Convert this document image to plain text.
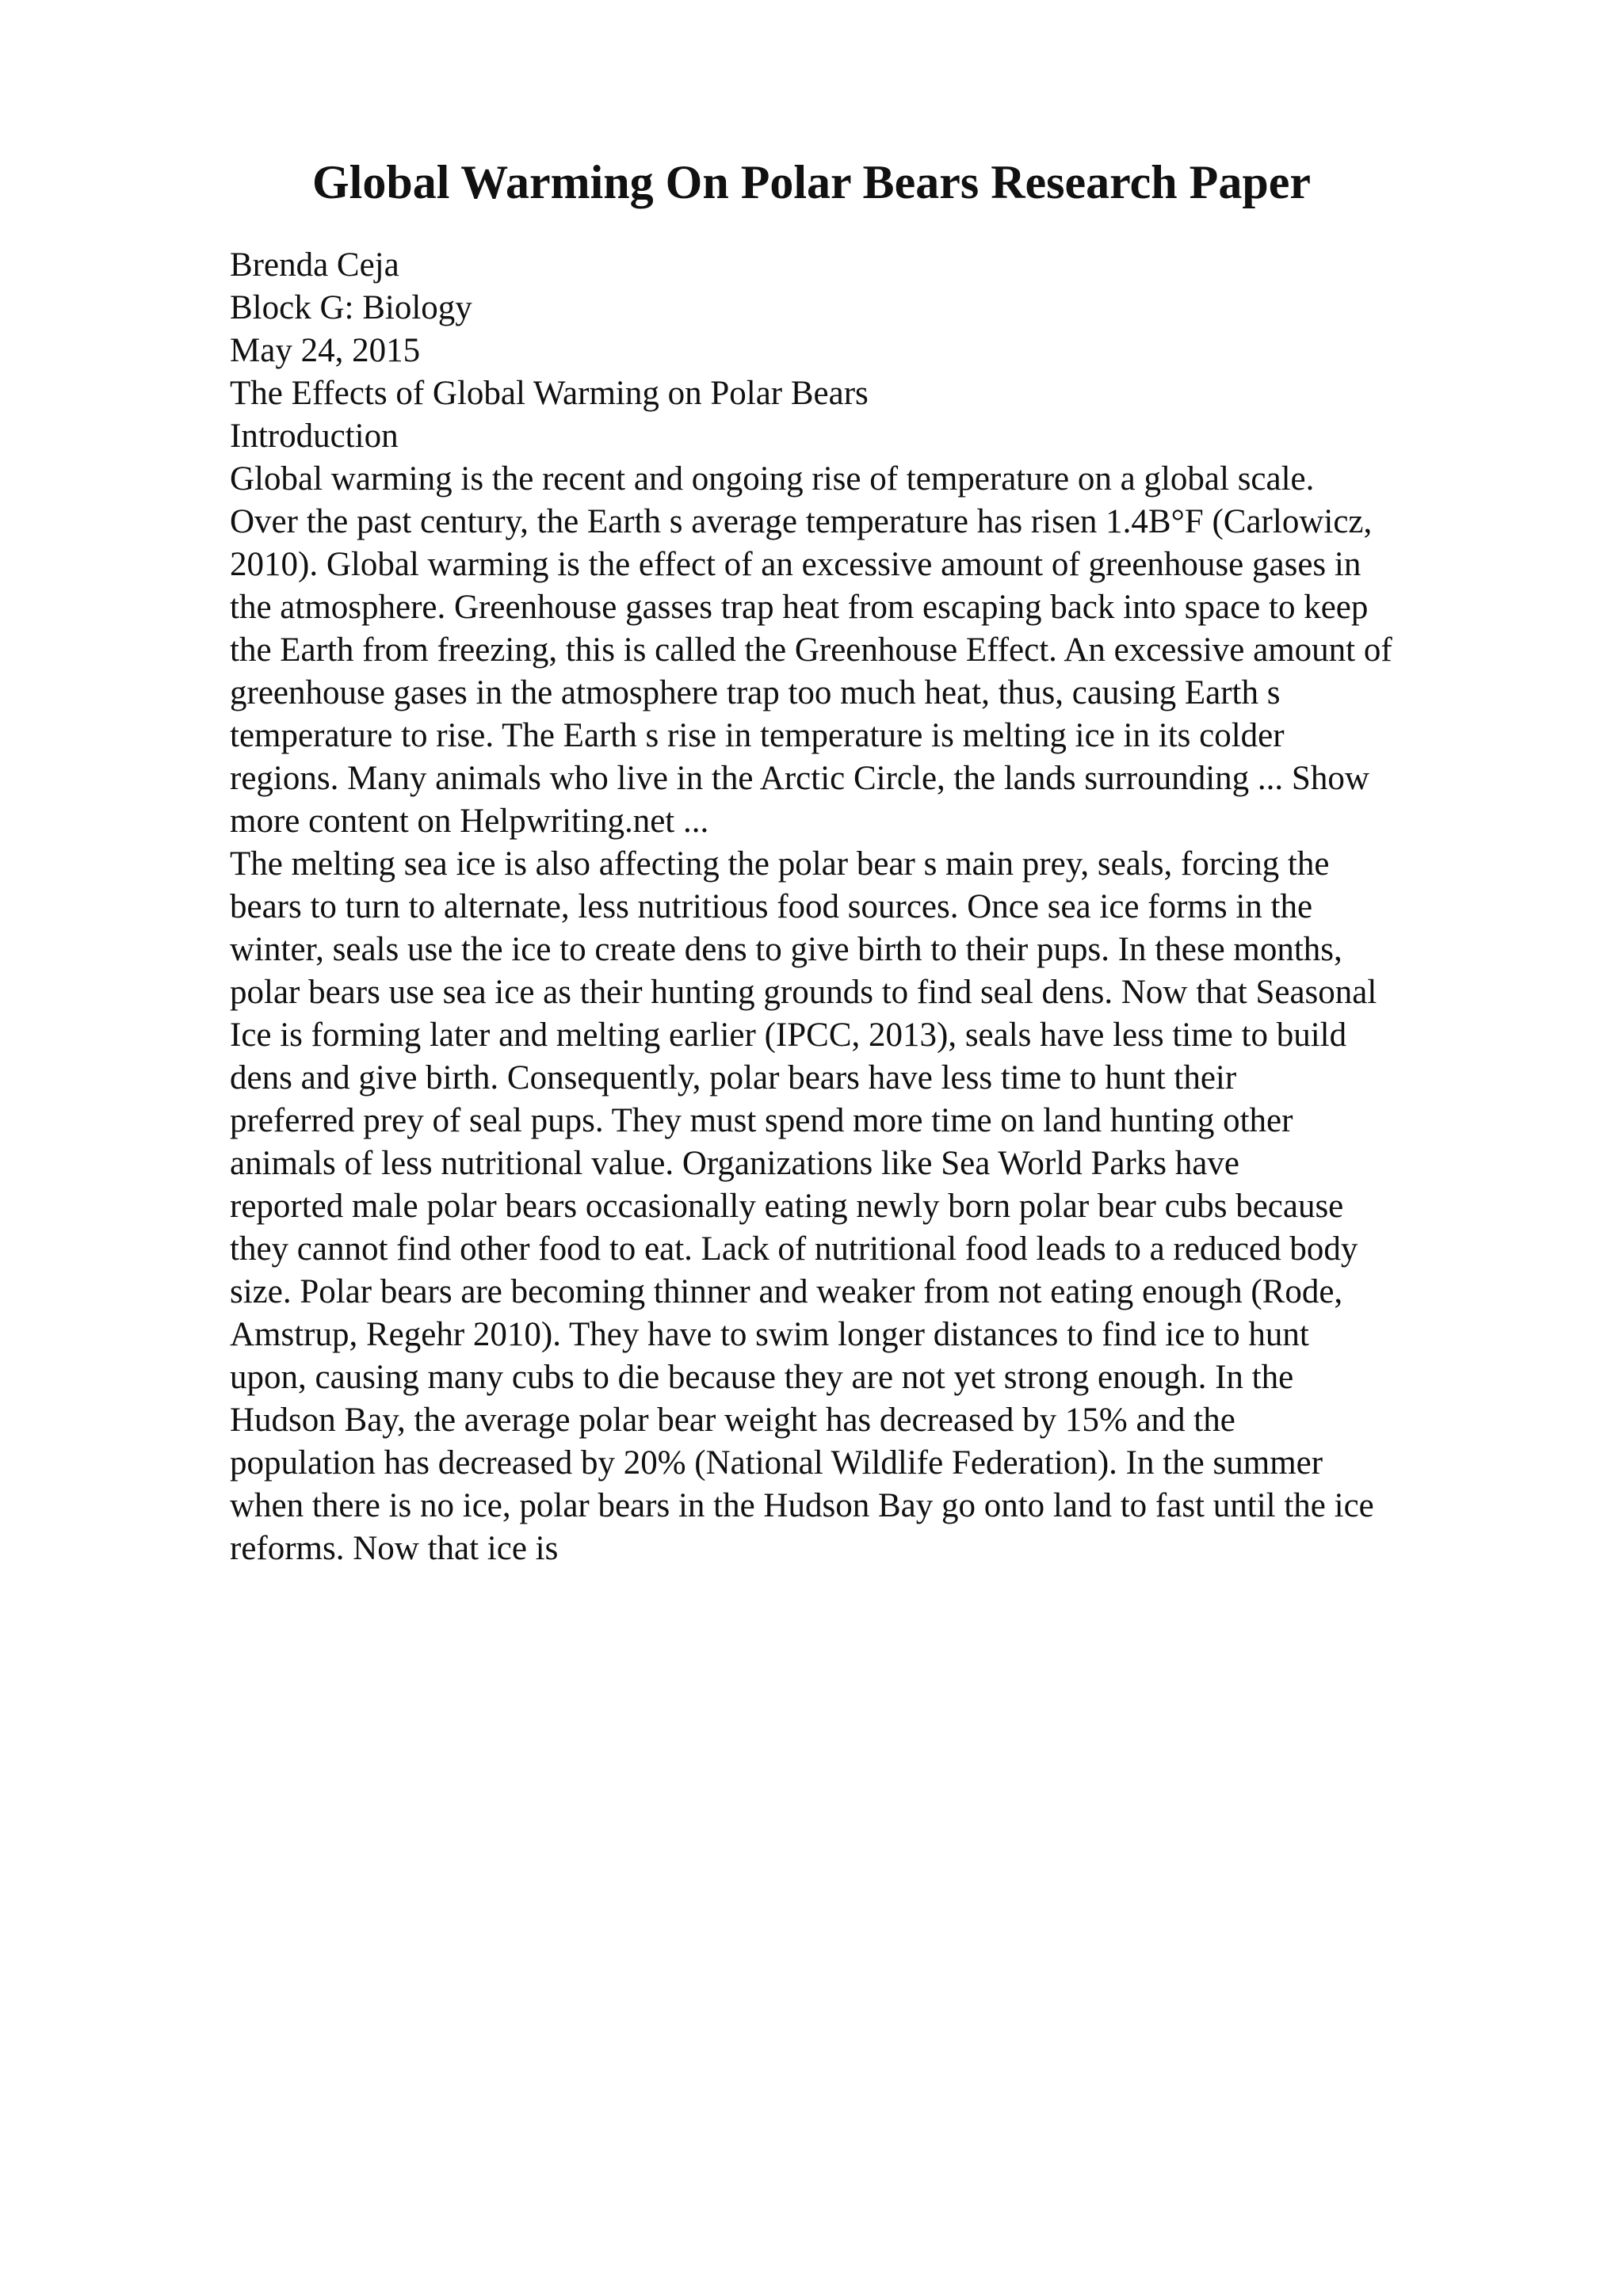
Global Warming On Polar Bears Research Paper

Brenda Ceja

Block G: Biology

May 24, 2015

The Effects of Global Warming on Polar Bears

Introduction

Global warming is the recent and ongoing rise of temperature on a global scale.

Over the past century, the Earth s average temperature has risen 1.4B°F (Carlowicz,

2010). Global warming is the effect of an excessive amount of greenhouse gases in

the atmosphere. Greenhouse gasses trap heat from escaping back into space to keep

the Earth from freezing, this is called the Greenhouse Effect. An excessive amount of

greenhouse gases in the atmosphere trap too much heat, thus, causing Earth s

temperature to rise. The Earth s rise in temperature is melting ice in its colder

regions. Many animals who live in the Arctic Circle, the lands surrounding ... Show

more content on Helpwriting.net ...

The melting sea ice is also affecting the polar bear s main prey, seals, forcing the

bears to turn to alternate, less nutritious food sources. Once sea ice forms in the

winter, seals use the ice to create dens to give birth to their pups. In these months,

polar bears use sea ice as their hunting grounds to find seal dens. Now that Seasonal

Ice is forming later and melting earlier (IPCC, 2013), seals have less time to build

dens and give birth. Consequently, polar bears have less time to hunt their

preferred prey of seal pups. They must spend more time on land hunting other

animals of less nutritional value. Organizations like Sea World Parks have

reported male polar bears occasionally eating newly born polar bear cubs because

they cannot find other food to eat. Lack of nutritional food leads to a reduced body

size. Polar bears are becoming thinner and weaker from not eating enough (Rode,

Amstrup, Regehr 2010). They have to swim longer distances to find ice to hunt

upon, causing many cubs to die because they are not yet strong enough. In the

Hudson Bay, the average polar bear weight has decreased by 15% and the

population has decreased by 20% (National Wildlife Federation). In the summer

when there is no ice, polar bears in the Hudson Bay go onto land to fast until the ice

reforms. Now that ice is
